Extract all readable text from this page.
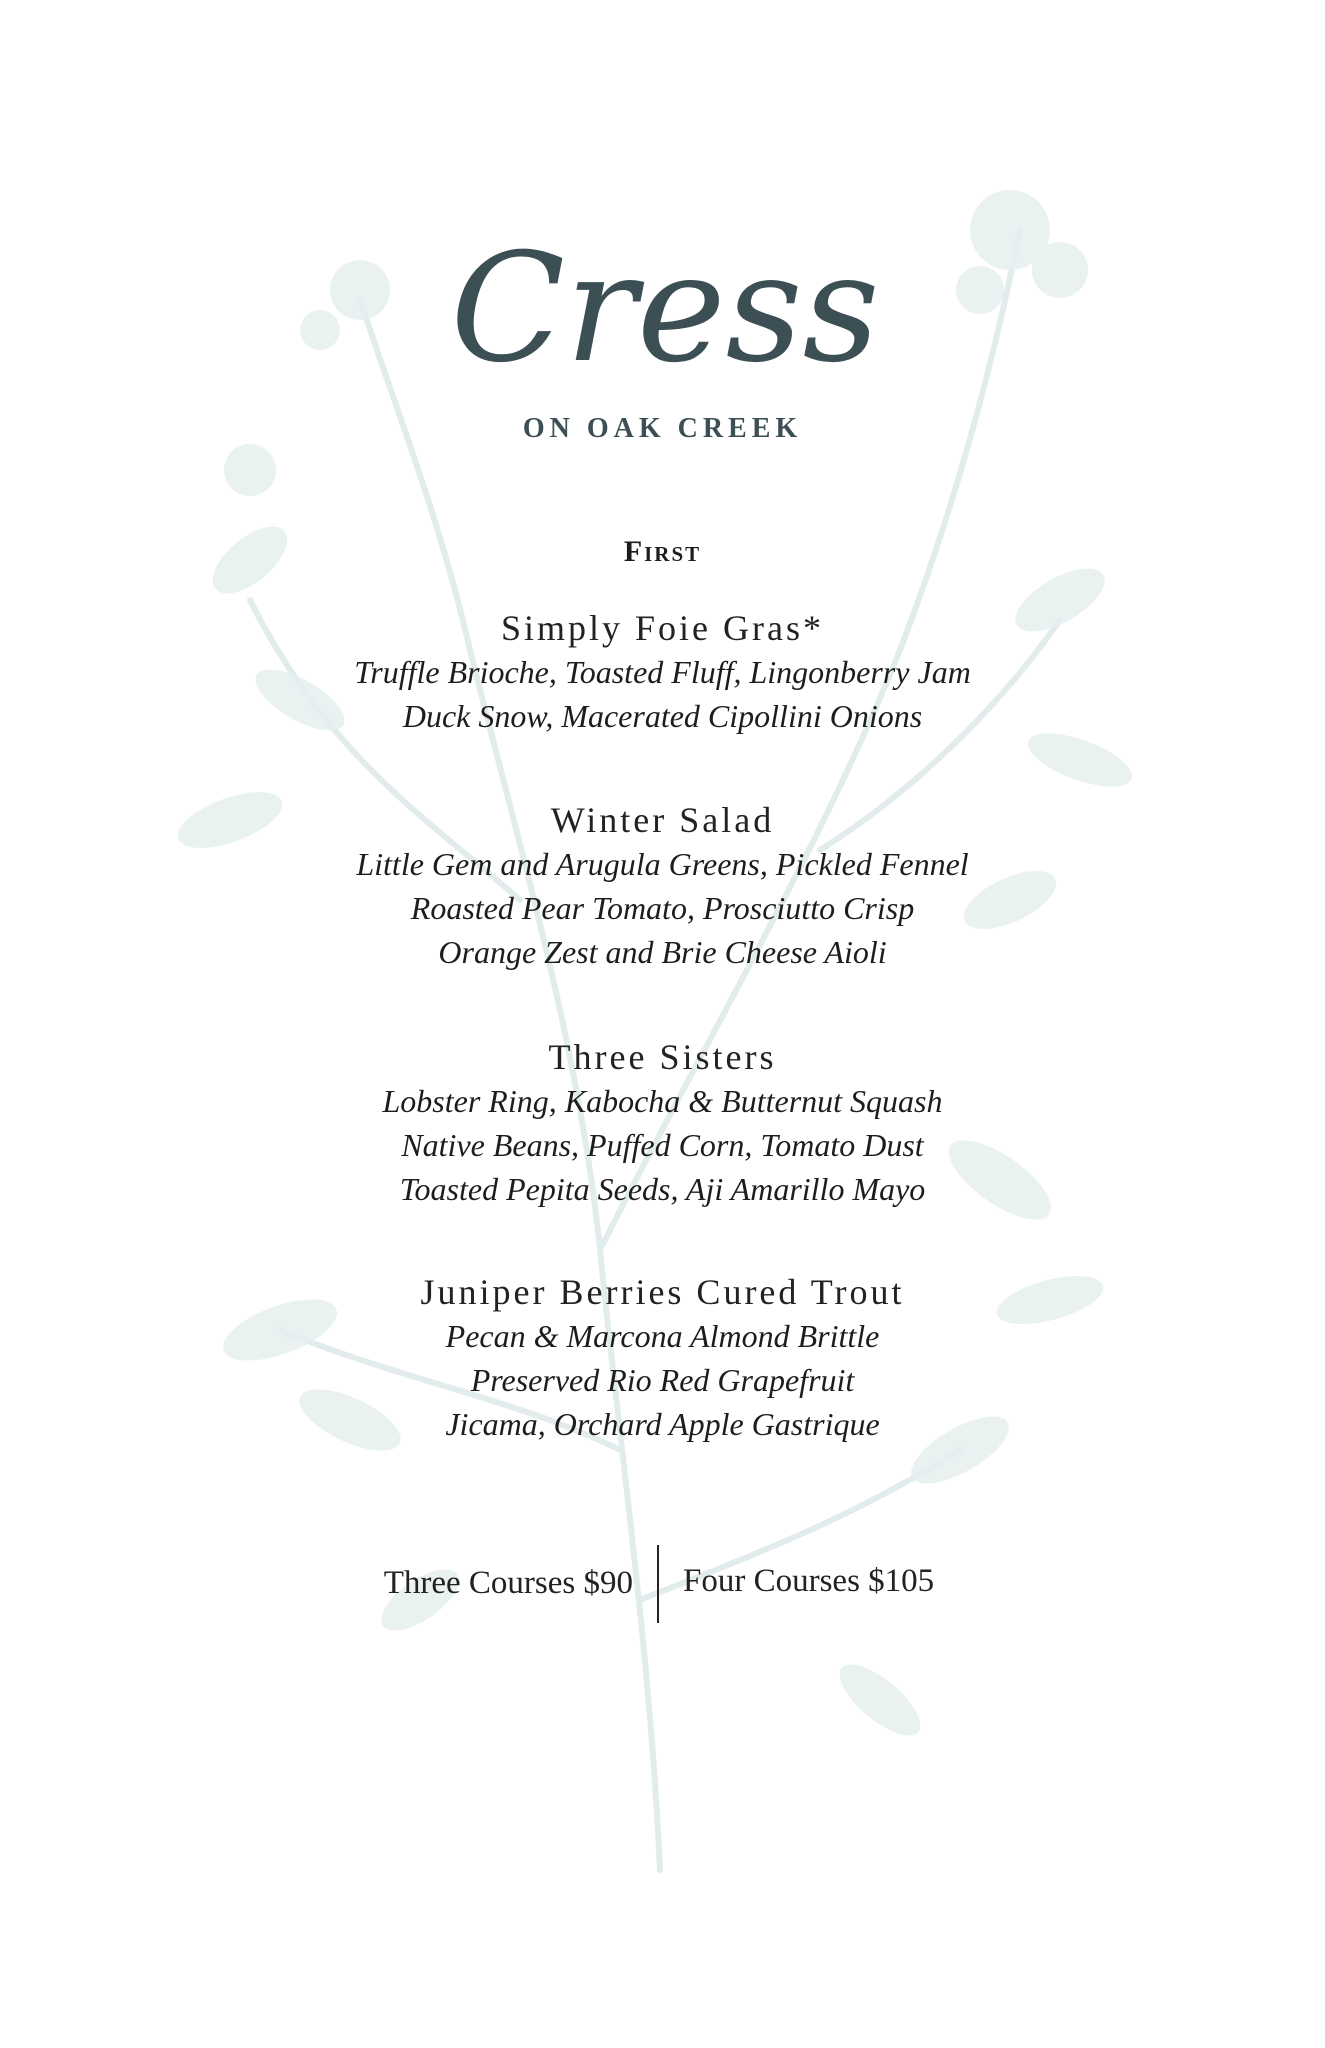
Cress
ON OAK CREEK
First
Simply Foie Gras*
Truffle Brioche, Toasted Fluff, Lingonberry Jam
Duck Snow, Macerated Cipollini Onions
Winter Salad
Little Gem and Arugula Greens, Pickled Fennel
Roasted Pear Tomato, Prosciutto Crisp
Orange Zest and Brie Cheese Aioli
Three Sisters
Lobster Ring, Kabocha & Butternut Squash
Native Beans, Puffed Corn, Tomato Dust
Toasted Pepita Seeds, Aji Amarillo Mayo
Juniper Berries Cured Trout
Pecan & Marcona Almond Brittle
Preserved Rio Red Grapefruit
Jicama, Orchard Apple Gastrique
Three Courses $90 Four Courses $105
